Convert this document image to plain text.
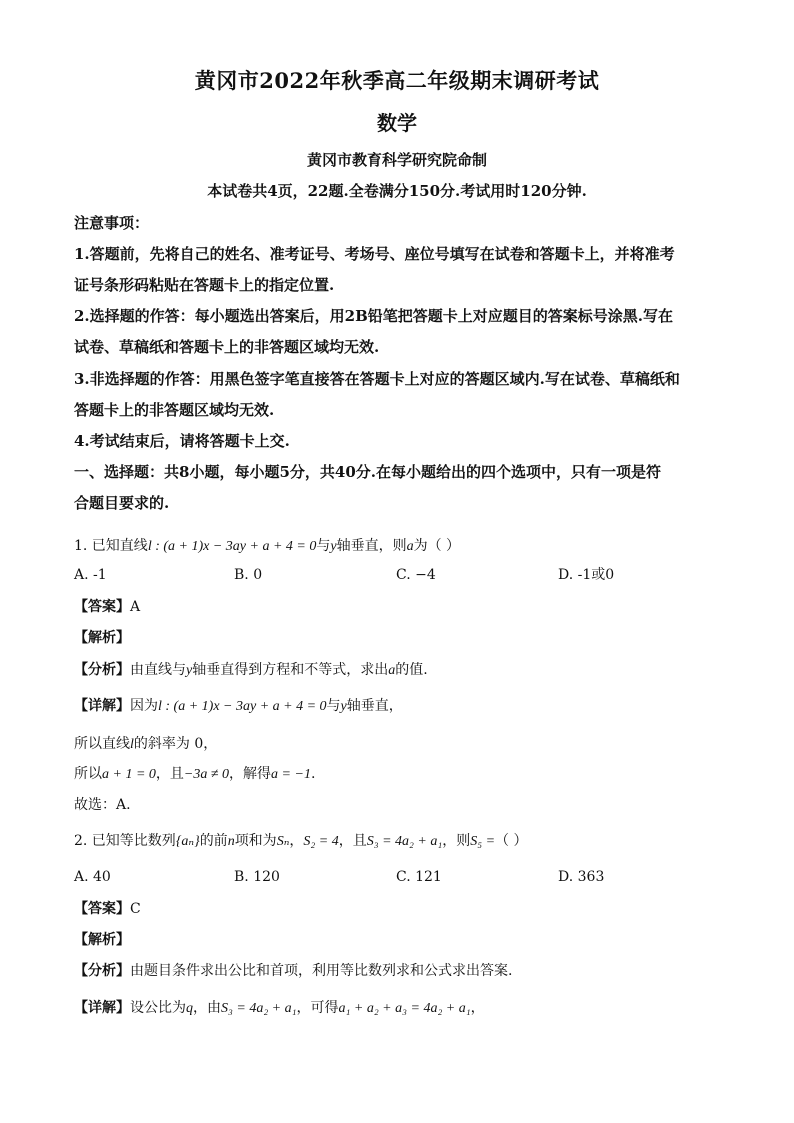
黄冈市2022年秋季高二年级期末调研考试
数学
黄冈市教育科学研究院命制
本试卷共4页，22题.全卷满分150分.考试用时120分钟.
注意事项：
1.答题前，先将自己的姓名、准考证号、考场号、座位号填写在试卷和答题卡上，并将准考
证号条形码粘贴在答题卡上的指定位置.
2.选择题的作答：每小题选出答案后，用2B铅笔把答题卡上对应题目的答案标号涂黑.写在
试卷、草稿纸和答题卡上的非答题区域均无效.
3.非选择题的作答：用黑色签字笔直接答在答题卡上对应的答题区域内.写在试卷、草稿纸和
答题卡上的非答题区域均无效.
4.考试结束后，请将答题卡上交.
一、选择题：共8小题，每小题5分，共40分.在每小题给出的四个选项中，只有一项是符
合题目要求的.
1. 已知直线l : (a + 1)x − 3ay + a + 4 = 0与y轴垂直，则a为（ ）
A. -1	B. 0	C. −4	D. -1或0
【答案】A
【解析】
【分析】由直线与y轴垂直得到方程和不等式，求出a的值.
【详解】因为l : (a + 1)x − 3ay + a + 4 = 0与y轴垂直，
所以直线l的斜率为 0，
所以a + 1 = 0，且−3a ≠ 0，解得a = −1.
故选：A.
2. 已知等比数列{aₙ}的前n项和为Sₙ，S₂ = 4，且S₃ = 4a₂ + a₁，则S₅ =（ ）
A. 40	B. 120	C. 121	D. 363
【答案】C
【解析】
【分析】由题目条件求出公比和首项，利用等比数列求和公式求出答案.
【详解】设公比为q，由S₃ = 4a₂ + a₁，可得a₁ + a₂ + a₃ = 4a₂ + a₁，
